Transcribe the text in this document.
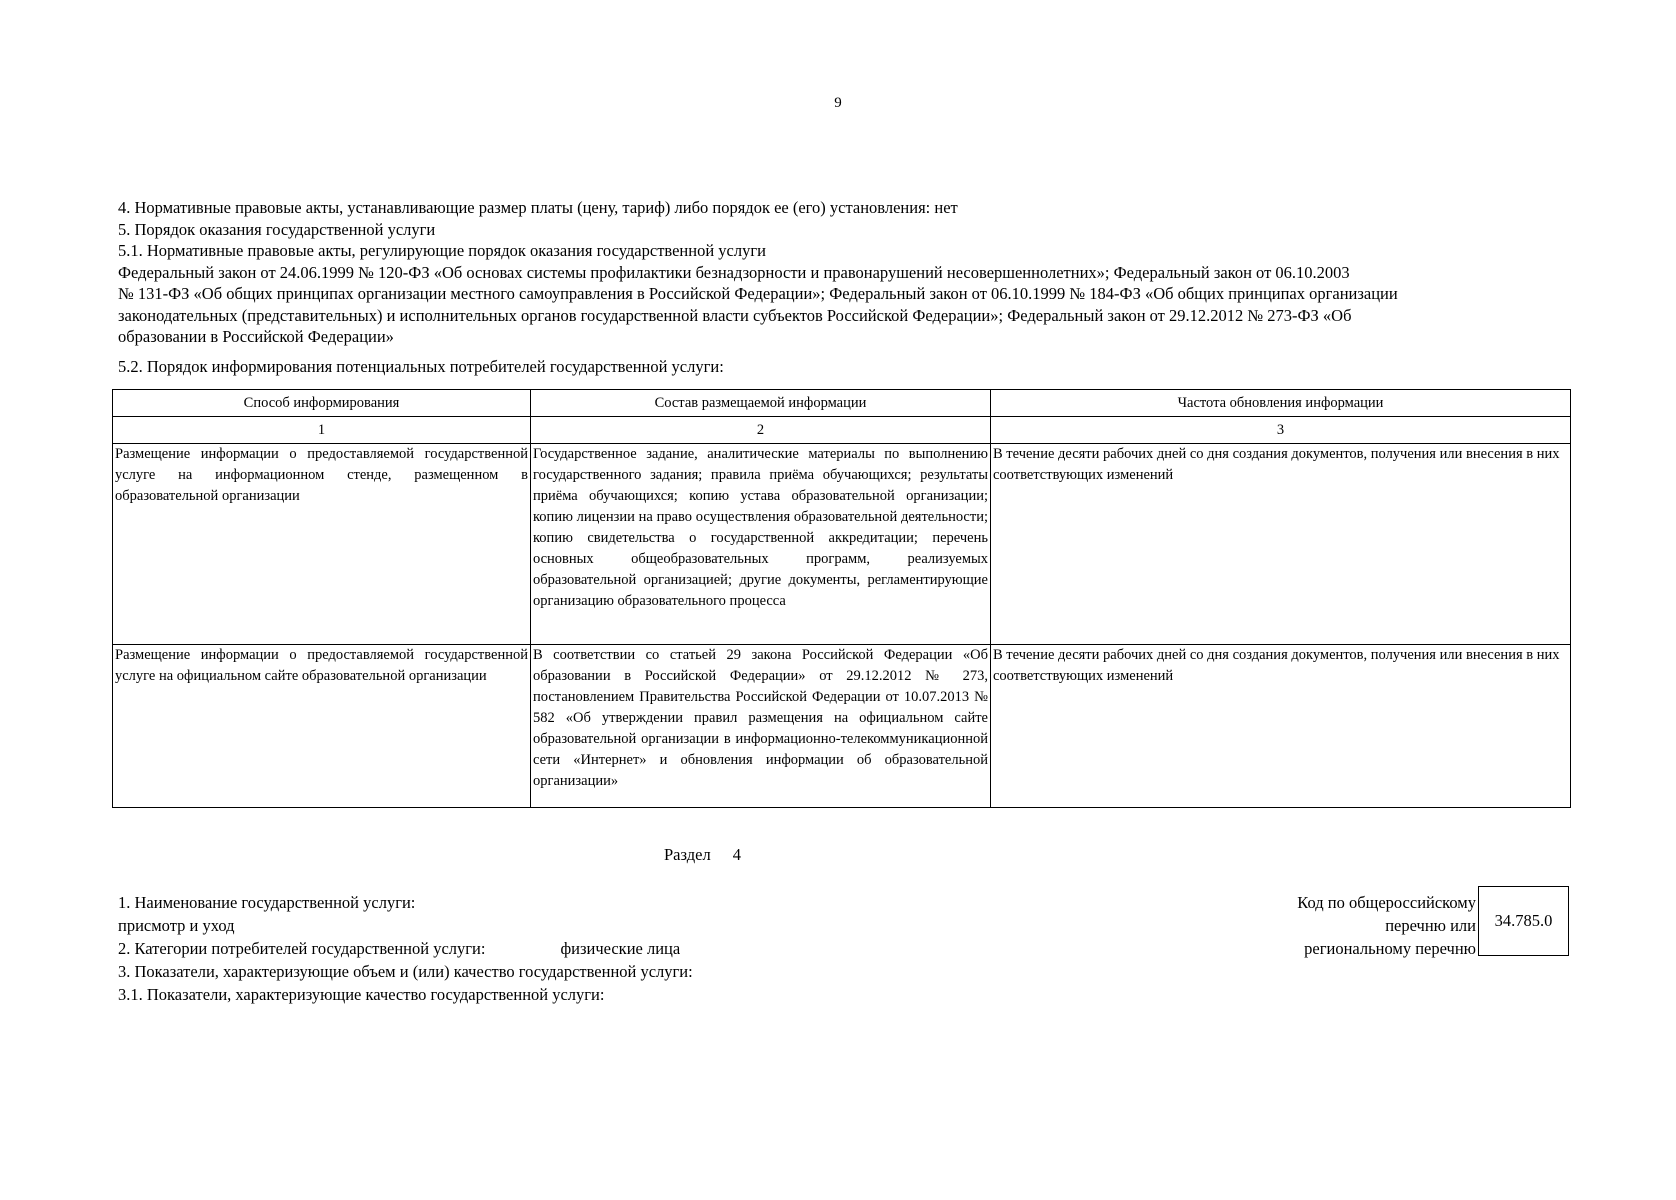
9

4. Нормативные правовые акты, устанавливающие размер платы (цену, тариф) либо порядок ее (его) установления: нет

5. Порядок оказания государственной услуги

5.1. Нормативные правовые акты, регулирующие порядок оказания государственной услуги

Федеральный закон от 24.06.1999 № 120-ФЗ «Об основах системы профилактики безнадзорности и правонарушений несовершеннолетних»; Федеральный закон от 06.10.2003

№ 131-ФЗ «Об общих принципах организации местного самоуправления в Российской Федерации»; Федеральный закон от 06.10.1999 № 184-ФЗ «Об общих принципах организации

законодательных (представительных) и исполнительных органов государственной власти субъектов Российской Федерации»; Федеральный закон от 29.12.2012 № 273-ФЗ «Об

образовании в Российской Федерации»

5.2. Порядок информирования потенциальных потребителей государственной услуги:

Способ информирования	Состав размещаемой информации	Частота обновления информации
1	2	3
Размещение информации о предоставляемой государственной услуге на информационном стенде, размещенном в образовательной организации	Государственное задание, аналитические материалы по выполнению государственного задания; правила приёма обучающихся; результаты приёма обучающихся; копию устава образовательной организации; копию лицензии на право осуществления образовательной деятельности; копию свидетельства о государственной аккредитации; перечень основных общеобразовательных программ, реализуемых образовательной организацией; другие документы, регламентирующие организацию образовательного процесса	В течение десяти рабочих дней со дня создания документов, получения или внесения в них соответствующих изменений
Размещение информации о предоставляемой государственной услуге на официальном сайте образовательной организации	В соответствии со статьей 29 закона Российской Федерации «Об образовании в Российской Федерации» от 29.12.2012 № 273, постановлением Правительства Российской Федерации от 10.07.2013 № 582 «Об утверждении правил размещения на официальном сайте образовательной организации в информационно-телекоммуникационной сети «Интернет» и обновления информации об образовательной организации»	В течение десяти рабочих дней со дня создания документов, получения или внесения в них соответствующих изменений
Раздел 4

1. Наименование государственной услуги:

присмотр и уход

2. Категории потребителей государственной услуги:	физические лица

3. Показатели, характеризующие объем и (или) качество государственной услуги:

3.1. Показатели, характеризующие качество государственной услуги:

Код по общероссийскому
перечню или
региональному перечню
34.785.0
